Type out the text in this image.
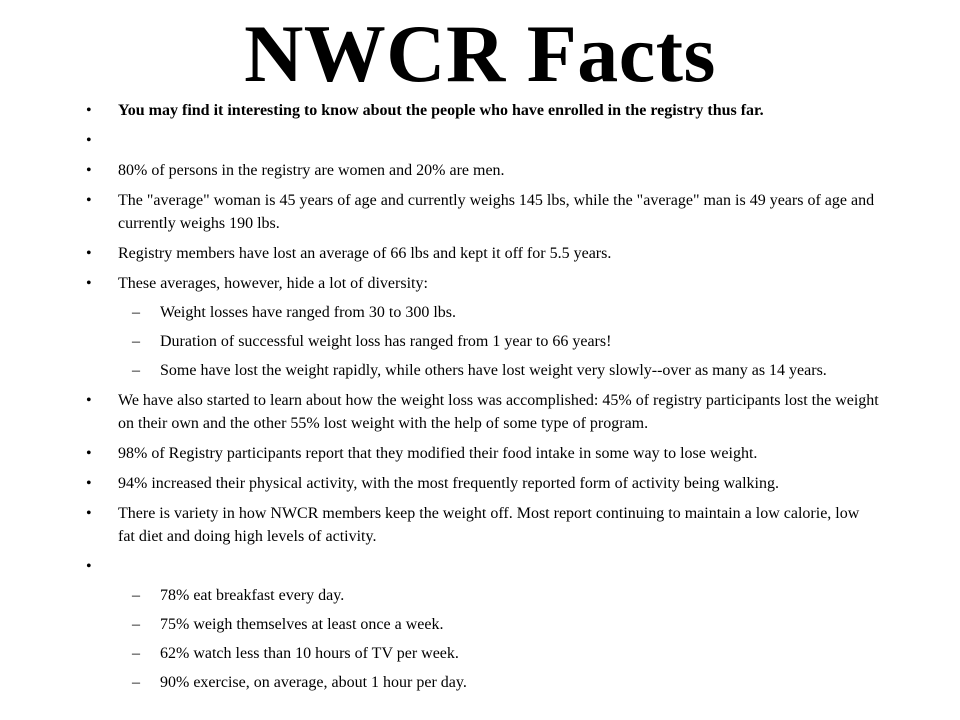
NWCR Facts
• You may find it interesting to know about the people who have enrolled in the registry thus far.
•
• 80% of persons in the registry are women and 20% are men.
• The "average" woman is 45 years of age and currently weighs 145 lbs, while the "average" man is 49 years of age and currently weighs 190 lbs.
• Registry members have lost an average of 66 lbs and kept it off for 5.5 years.
• These averages, however, hide a lot of diversity:
– Weight losses have ranged from 30 to 300 lbs.
– Duration of successful weight loss has ranged from 1 year to 66 years!
– Some have lost the weight rapidly, while others have lost weight very slowly--over as many as 14 years.
• We have also started to learn about how the weight loss was accomplished: 45% of registry participants lost the weight on their own and the other 55% lost weight with the help of some type of program.
• 98% of Registry participants report that they modified their food intake in some way to lose weight.
• 94% increased their physical activity, with the most frequently reported form of activity being walking.
• There is variety in how NWCR members keep the weight off. Most report continuing to maintain a low calorie, low fat diet and doing high levels of activity.
•
– 78% eat breakfast every day.
– 75% weigh themselves at least once a week.
– 62% watch less than 10 hours of TV per week.
– 90% exercise, on average, about 1 hour per day.
